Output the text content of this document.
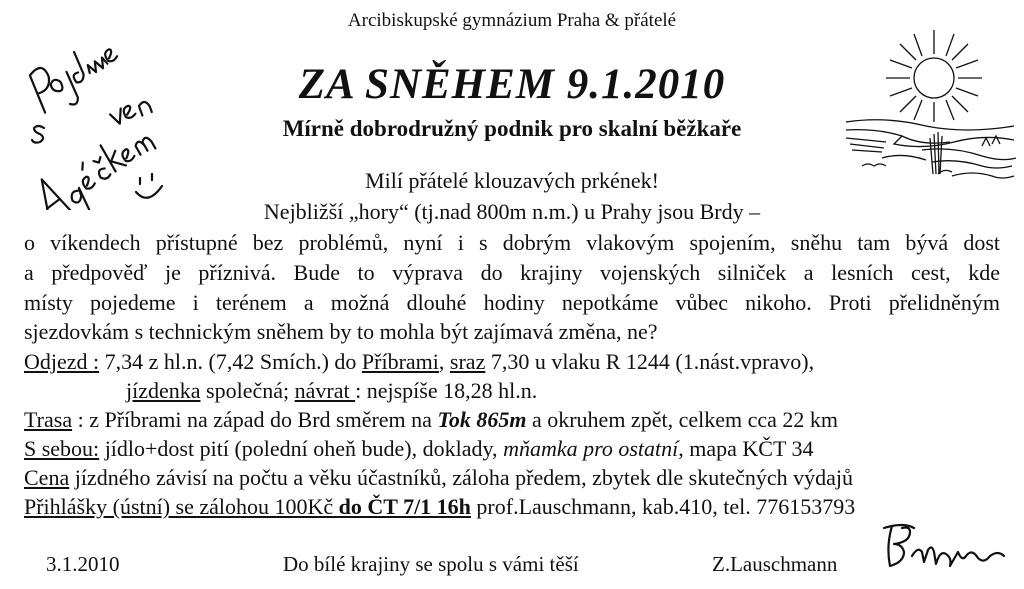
Arcibiskupské gymnázium Praha & přátelé
ZA SNĚHEM 9.1.2010
Mírně dobrodružný podnik pro skalní běžkaře
Milí přátelé klouzavých prkének!
Nejbližší „hory“ (tj.nad 800m n.m.) u Prahy jsou Brdy –
o víkendech přístupné bez problémů, nyní i s dobrým vlakovým spojením, sněhu tam bývá dost
a předpověď je příznivá. Bude to výprava do krajiny vojenských silniček a lesních cest, kde
místy pojedeme i terénem a možná dlouhé hodiny nepotkáme vůbec nikoho. Proti přelidněným
sjezdovkám s technickým sněhem by to mohla být zajímavá změna, ne?
Odjezd : 7,34 z hl.n. (7,42 Smích.) do Příbrami, sraz 7,30 u vlaku R 1244 (1.nást.vpravo),
jízdenka společná; návrat : nejspíše 18,28 hl.n.
Trasa : z Příbrami na západ do Brd směrem na Tok 865m a okruhem zpět, celkem cca 22 km
S sebou: jídlo+dost pití (polední oheň bude), doklady, mňamka pro ostatní, mapa KČT 34
Cena jízdného závisí na počtu a věku účastníků, záloha předem, zbytek dle skutečných výdajů
Přihlášky (ústní) se zálohou 100Kč do ČT 7/1 16h prof.Lauschmann, kab.410, tel. 776153793
3.1.2010	Do bílé krajiny se spolu s vámi těší	Z.Lauschmann
